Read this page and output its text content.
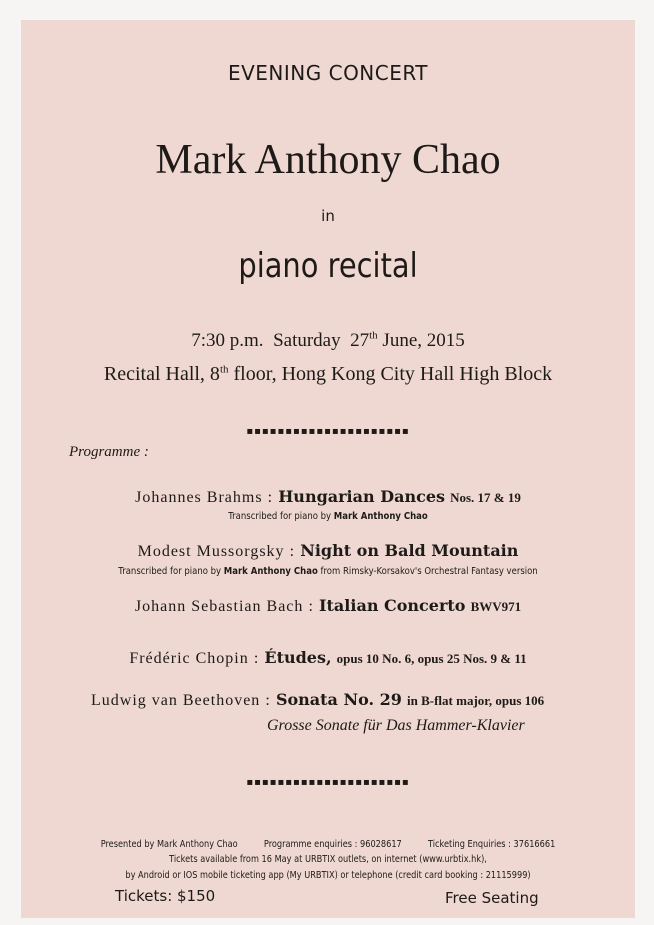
EVENING CONCERT
Mark Anthony Chao
in
piano recital
7:30 p.m. Saturday 27th June, 2015
Recital Hall, 8th floor, Hong Kong City Hall High Block
▪▪▪▪▪▪▪▪▪▪▪▪▪▪▪▪▪▪▪▪▪
Programme :
Johannes Brahms : Hungarian Dances Nos. 17 & 19
Transcribed for piano by Mark Anthony Chao
Modest Mussorgsky : Night on Bald Mountain
Transcribed for piano by Mark Anthony Chao from Rimsky-Korsakov's Orchestral Fantasy version
Johann Sebastian Bach : Italian Concerto BWV971
Frédéric Chopin : Études, opus 10 No. 6, opus 25 Nos. 9 & 11
Ludwig van Beethoven : Sonata No. 29 in B-flat major, opus 106
Grosse Sonate für Das Hammer-Klavier
▪▪▪▪▪▪▪▪▪▪▪▪▪▪▪▪▪▪▪▪▪
Presented by Mark Anthony Chao	Programme enquiries : 96028617	Ticketing Enquiries : 37616661
Tickets available from 16 May at URBTIX outlets, on internet (www.urbtix.hk),
by Android or IOS mobile ticketing app (My URBTIX) or telephone (credit card booking : 21115999)
Tickets: $150	Free Seating
